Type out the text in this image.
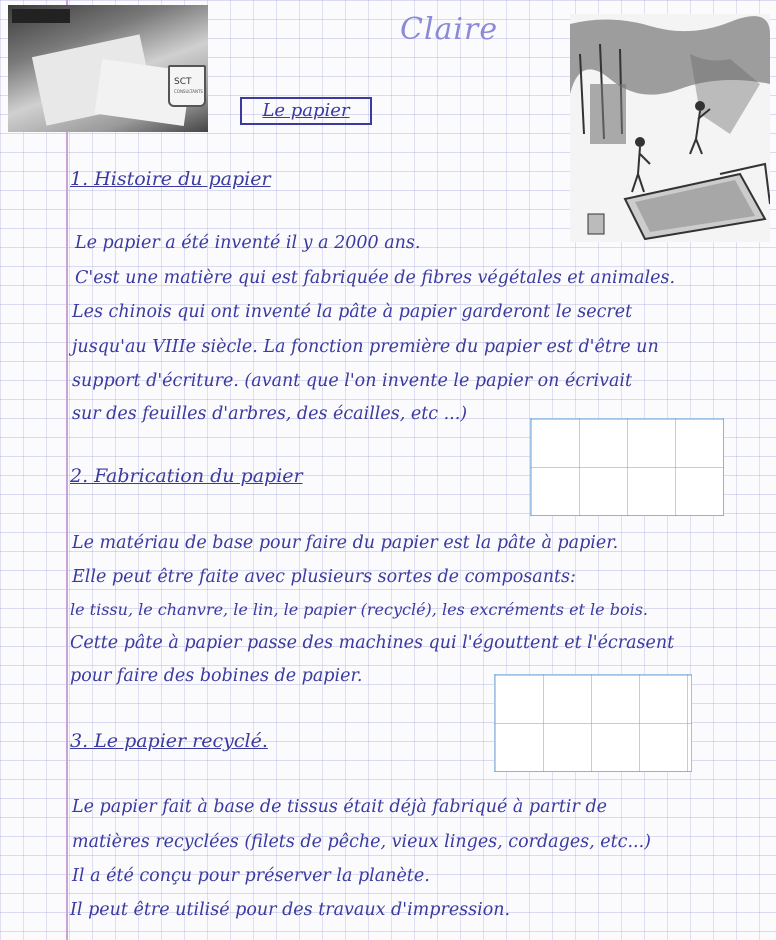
SCT
CONSULTANTS
Claire
Le papier
1. Histoire du papier
Le papier a été inventé il y a 2000 ans.
C'est une matière qui est fabriquée de fibres végétales et animales.
Les chinois qui ont inventé la pâte à papier garderont le secret
jusqu'au VIIIe siècle. La fonction première du papier est d'être un
support d'écriture. (avant que l'on invente le papier on écrivait
sur des feuilles d'arbres, des écailles, etc ...)
2. Fabrication du papier
Le matériau de base pour faire du papier est la pâte à papier.
Elle peut être faite avec plusieurs sortes de composants:
le tissu, le chanvre, le lin, le papier (recyclé), les excréments et le bois.
Cette pâte à papier passe des machines qui l'égouttent et l'écrasent
pour faire des bobines de papier.
3. Le papier recyclé.
Le papier fait à base de tissus était déjà fabriqué à partir de
matières recyclées (filets de pêche, vieux linges, cordages, etc...)
Il a été conçu pour préserver la planète.
Il peut être utilisé pour des travaux d'impression.
